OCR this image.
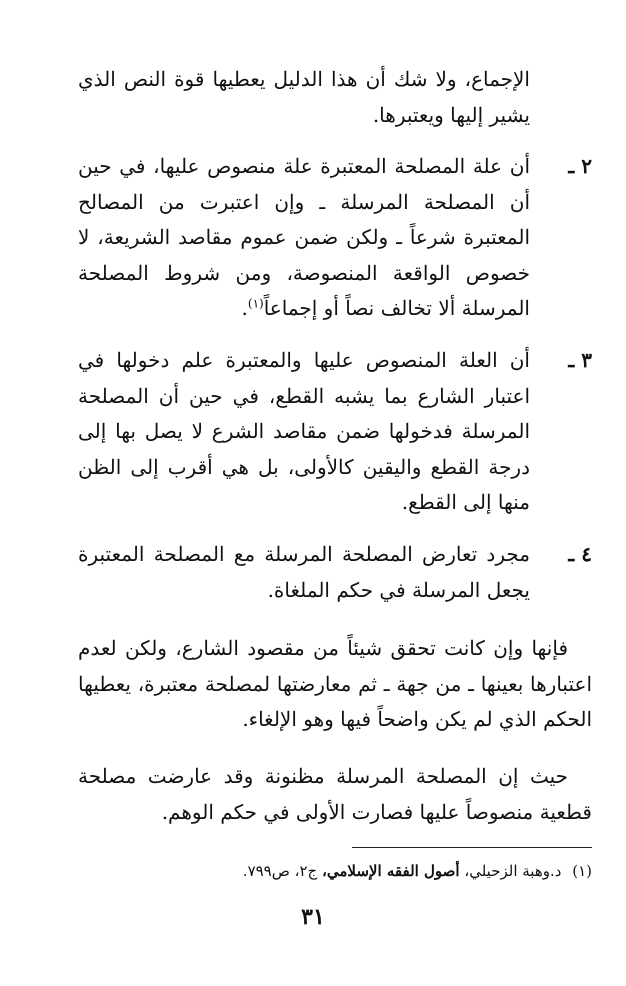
الإجماع، ولا شك أن هذا الدليل يعطيها قوة النص الذي يشير إليها ويعتبرها.

٢ ـ

أن علة المصلحة المعتبرة علة منصوص عليها، في حين أن المصلحة المرسلة ـ وإن اعتبرت من المصالح المعتبرة شرعاً ـ ولكن ضمن عموم مقاصد الشريعة، لا خصوص الواقعة المنصوصة، ومن شروط المصلحة المرسلة ألا تخالف نصاً أو إجماعاً$^{(١)}$.

٣ ـ

أن العلة المنصوص عليها والمعتبرة علم دخولها في اعتبار الشارع بما يشبه القطع، في حين أن المصلحة المرسلة فدخولها ضمن مقاصد الشرع لا يصل بها إلى درجة القطع واليقين كالأولى، بل هي أقرب إلى الظن منها إلى القطع.

٤ ـ

مجرد تعارض المصلحة المرسلة مع المصلحة المعتبرة يجعل المرسلة في حكم الملغاة.

فإنها وإن كانت تحقق شيئاً من مقصود الشارع، ولكن لعدم اعتبارها بعينها ـ من جهة ـ ثم معارضتها لمصلحة معتبرة، يعطيها الحكم الذي لم يكن واضحاً فيها وهو الإلغاء.

حيث إن المصلحة المرسلة مظنونة وقد عارضت مصلحة قطعية منصوصاً عليها فصارت الأولى في حكم الوهم.

(١) د.وهبة الزحيلي، أصول الفقه الإسلامي، ج٢، ص٧٩٩.
٣١
